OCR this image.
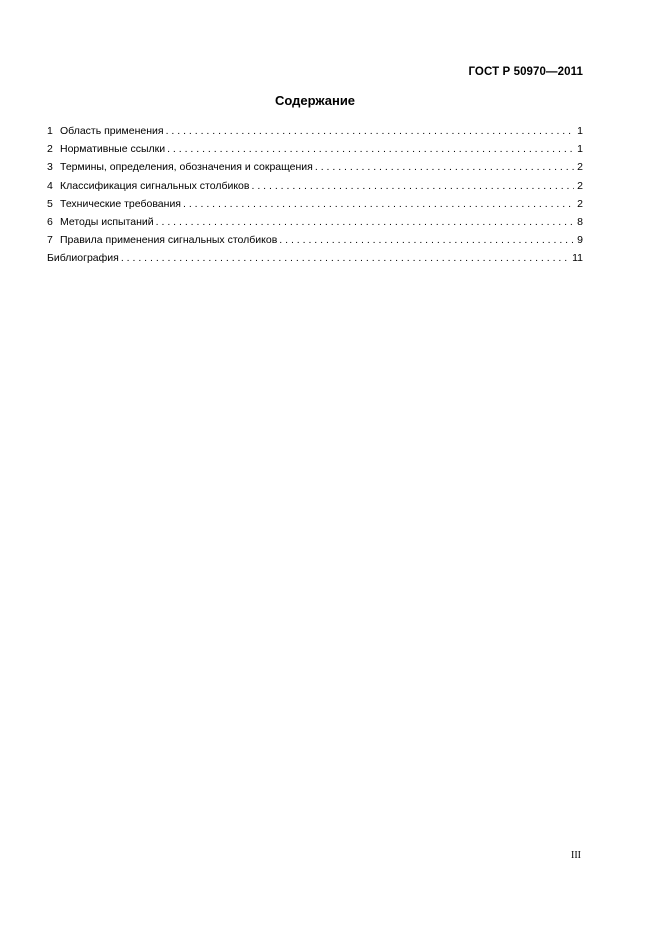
ГОСТ Р 50970—2011
Содержание
1 Область применения . . .	1
2 Нормативные ссылки . . .	1
3 Термины, определения, обозначения и сокращения . . .	2
4 Классификация сигнальных столбиков . . .	2
5 Технические требования . . .	2
6 Методы испытаний . . .	8
7 Правила применения сигнальных столбиков . . .	9
Библиография . . .	11
III
